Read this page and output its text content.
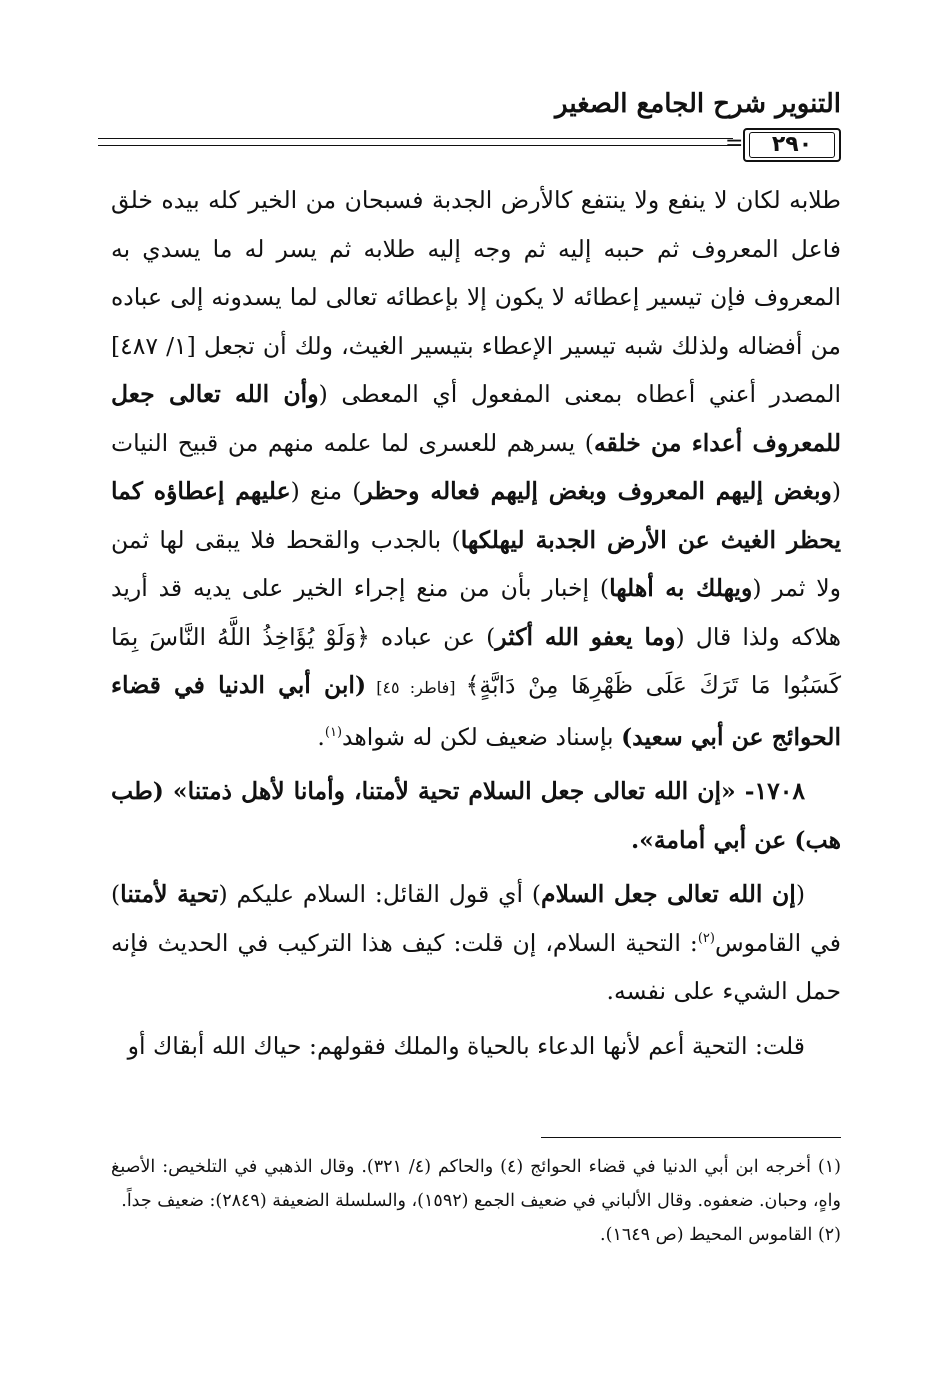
التنوير شرح الجامع الصغير
=	٢٩٠

طلابه لكان لا ينفع ولا ينتفع كالأرض الجدبة فسبحان من الخير كله بيده خلق فاعل المعروف ثم حببه إليه ثم وجه إليه طلابه ثم يسر له ما يسدي به المعروف فإن تيسير إعطائه لا يكون إلا بإعطائه تعالى لما يسدونه إلى عباده من أفضاله ولذلك شبه تيسير الإعطاء بتيسير الغيث، ولك أن تجعل [١/ ٤٨٧] المصدر أعني أعطاه بمعنى المفعول أي المعطى (وأن الله تعالى جعل للمعروف أعداء من خلقه) يسرهم للعسرى لما علمه منهم من قبيح النيات (وبغض إليهم المعروف وبغض إليهم فعاله وحظر) منع (عليهم إعطاؤه كما يحظر الغيث عن الأرض الجدبة ليهلكها) بالجدب والقحط فلا يبقى لها ثمن ولا ثمر (ويهلك به أهلها) إخبار بأن من منع إجراء الخير على يديه قد أريد هلاكه ولذا قال (وما يعفو الله أكثر) عن عباده ﴿وَلَوْ يُؤَاخِذُ اللَّهُ النَّاسَ بِمَا كَسَبُوا مَا تَرَكَ عَلَى ظَهْرِهَا مِنْ دَابَّةٍ﴾ [فاطر: ٤٥] (ابن أبي الدنيا في قضاء الحوائج عن أبي سعيد) بإسناد ضعيف لكن له شواهد$^{(١)}$.

١٧٠٨- «إن الله تعالى جعل السلام تحية لأمتنا، وأمانا لأهل ذمتنا» (طب هب) عن أبي أمامة».

(إن الله تعالى جعل السلام) أي قول القائل: السلام عليكم (تحية لأمتنا) في القاموس$^{(٢)}$: التحية السلام، إن قلت: كيف هذا التركيب في الحديث فإنه حمل الشيء على نفسه.

قلت: التحية أعم لأنها الدعاء بالحياة والملك فقولهم: حياك الله أبقاك أو

(١) أخرجه ابن أبي الدنيا في قضاء الحوائج (٤) والحاكم (٤/ ٣٢١). وقال الذهبي في التلخيص: الأصبغ واهٍ، وحبان. ضعفوه. وقال الألباني في ضعيف الجمع (١٥٩٢)، والسلسلة الضعيفة (٢٨٤٩): ضعيف جداً.

(٢) القاموس المحيط (ص ١٦٤٩).
